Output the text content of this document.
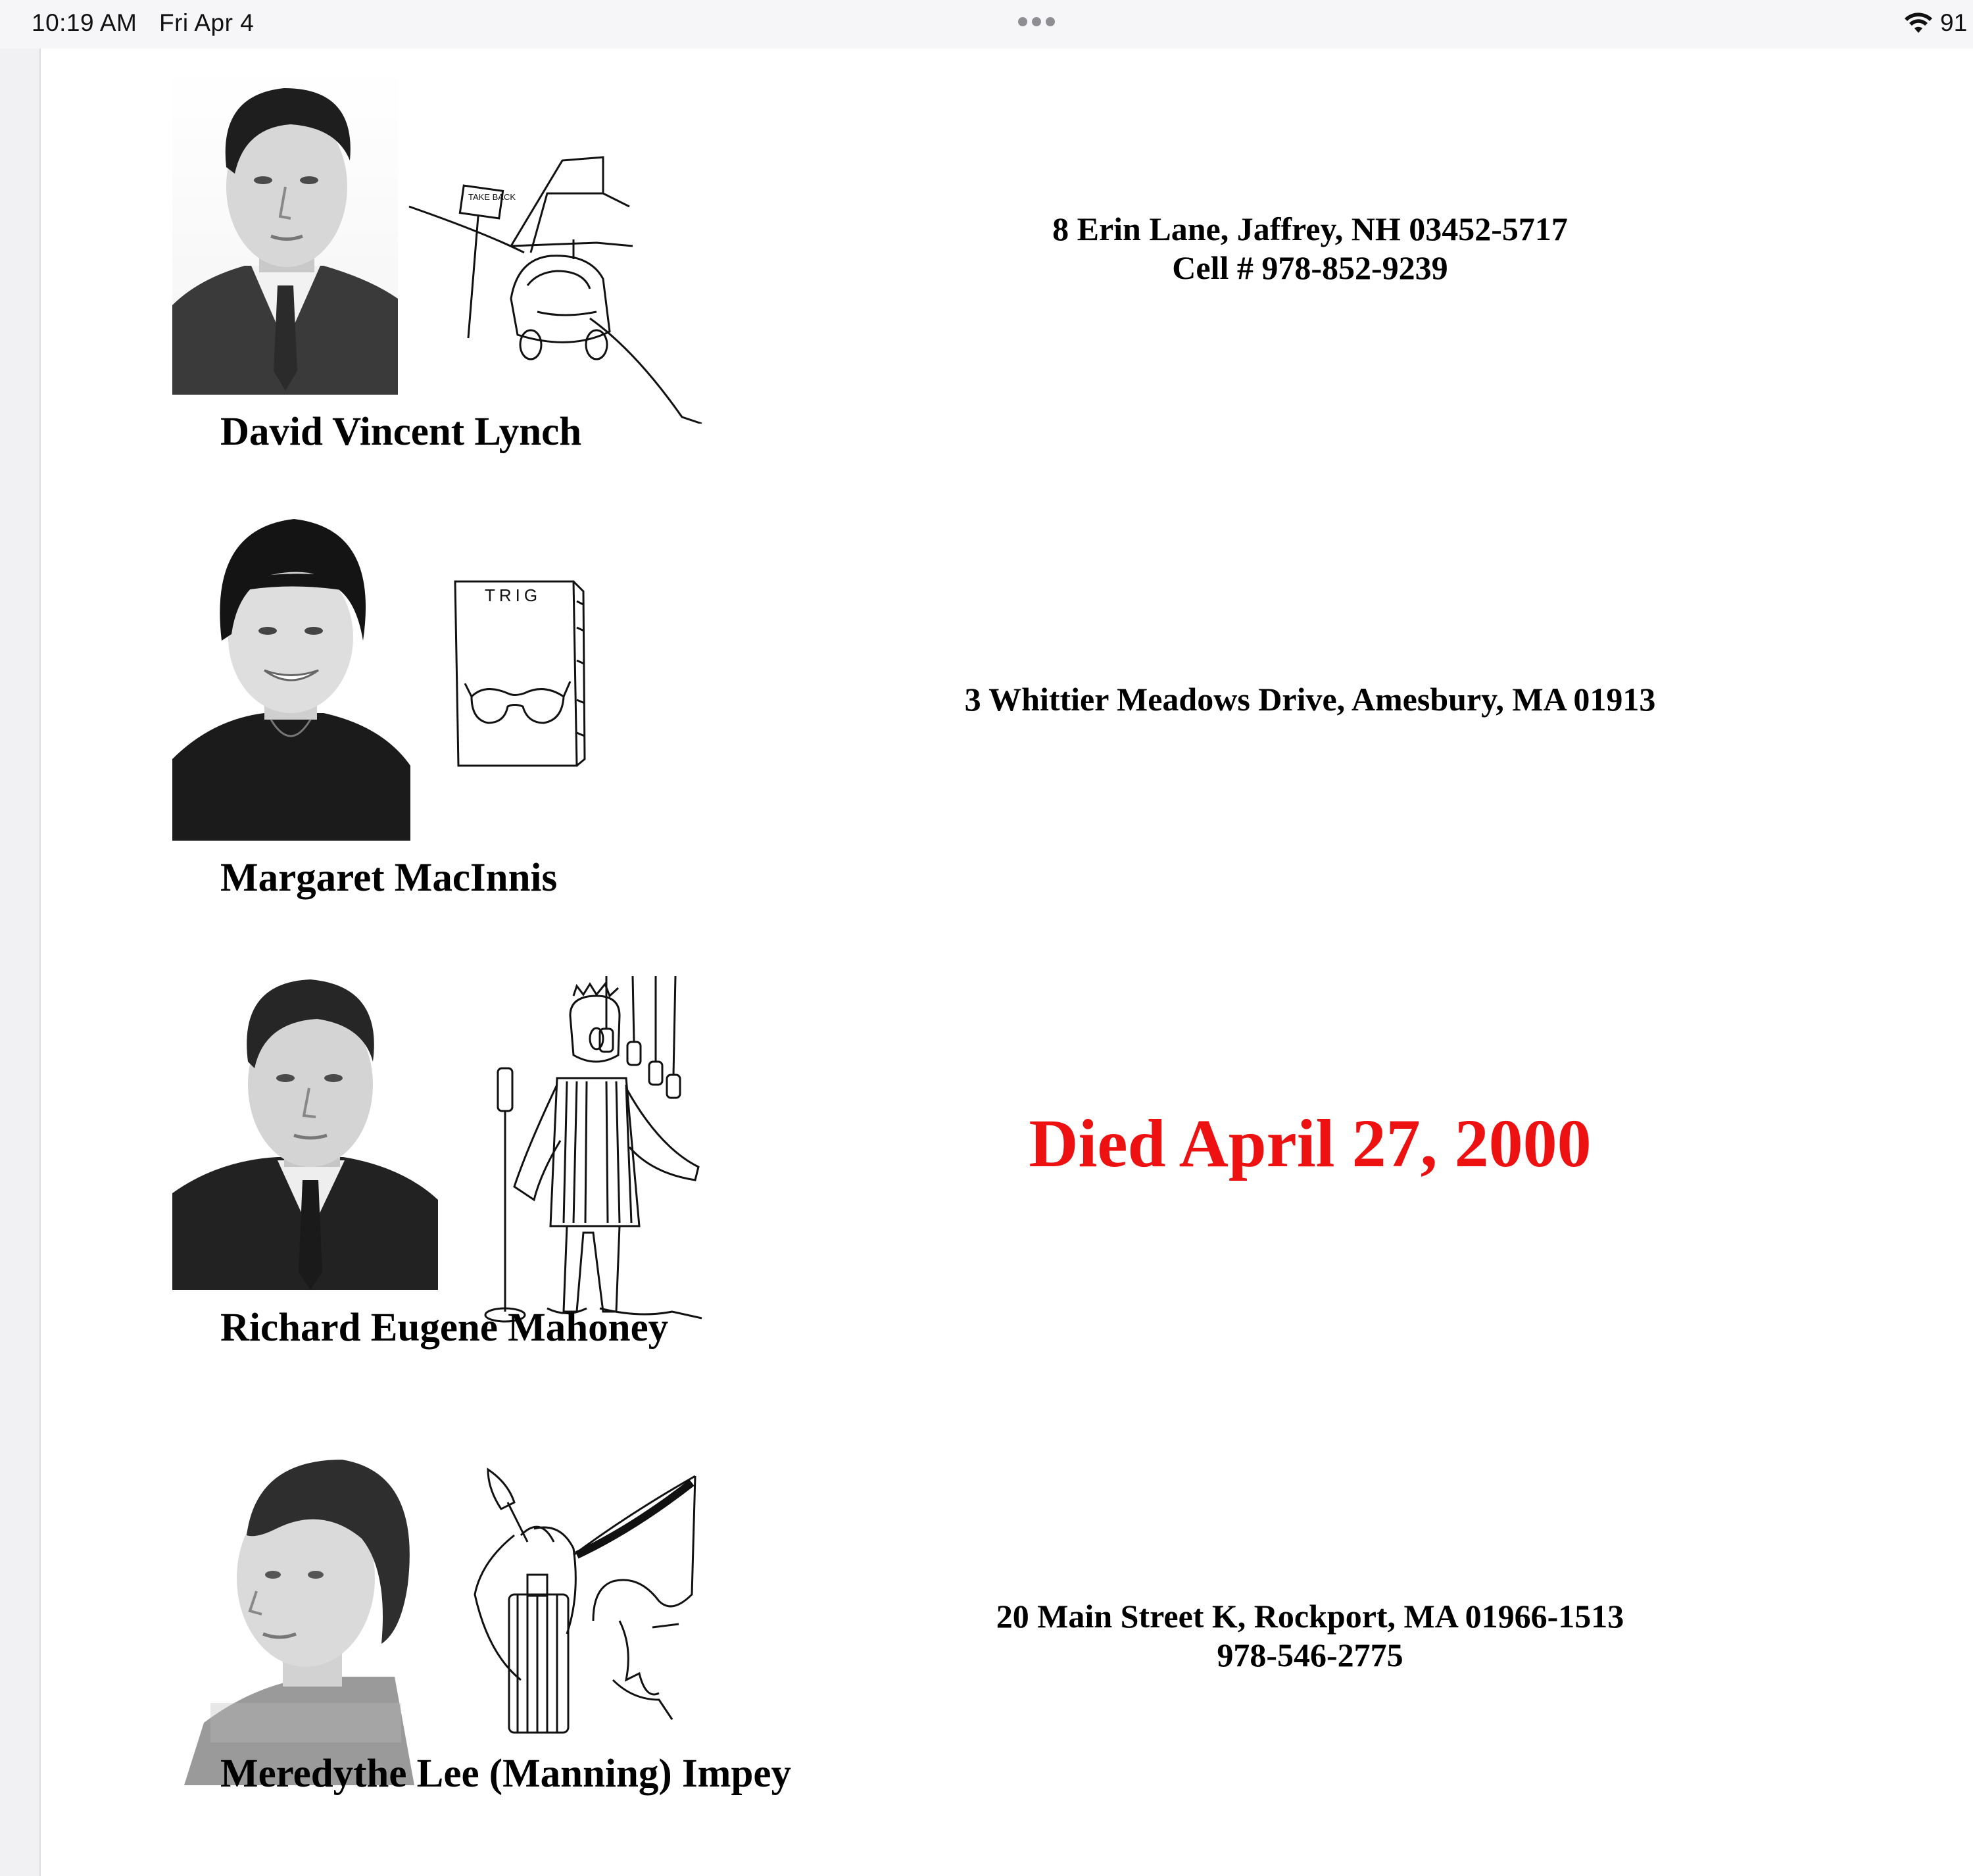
10:19 AM Fri Apr 4	91
TAKE BACK
David Vincent Lynch
8 Erin Lane, Jaffrey, NH 03452-5717
Cell # 978-852-9239
TRIG
Margaret MacInnis
3 Whittier Meadows Drive, Amesbury, MA 01913
Richard Eugene Mahoney
Died April 27, 2000
Meredythe Lee (Manning) Impey
20 Main Street K, Rockport, MA 01966-1513
978-546-2775
